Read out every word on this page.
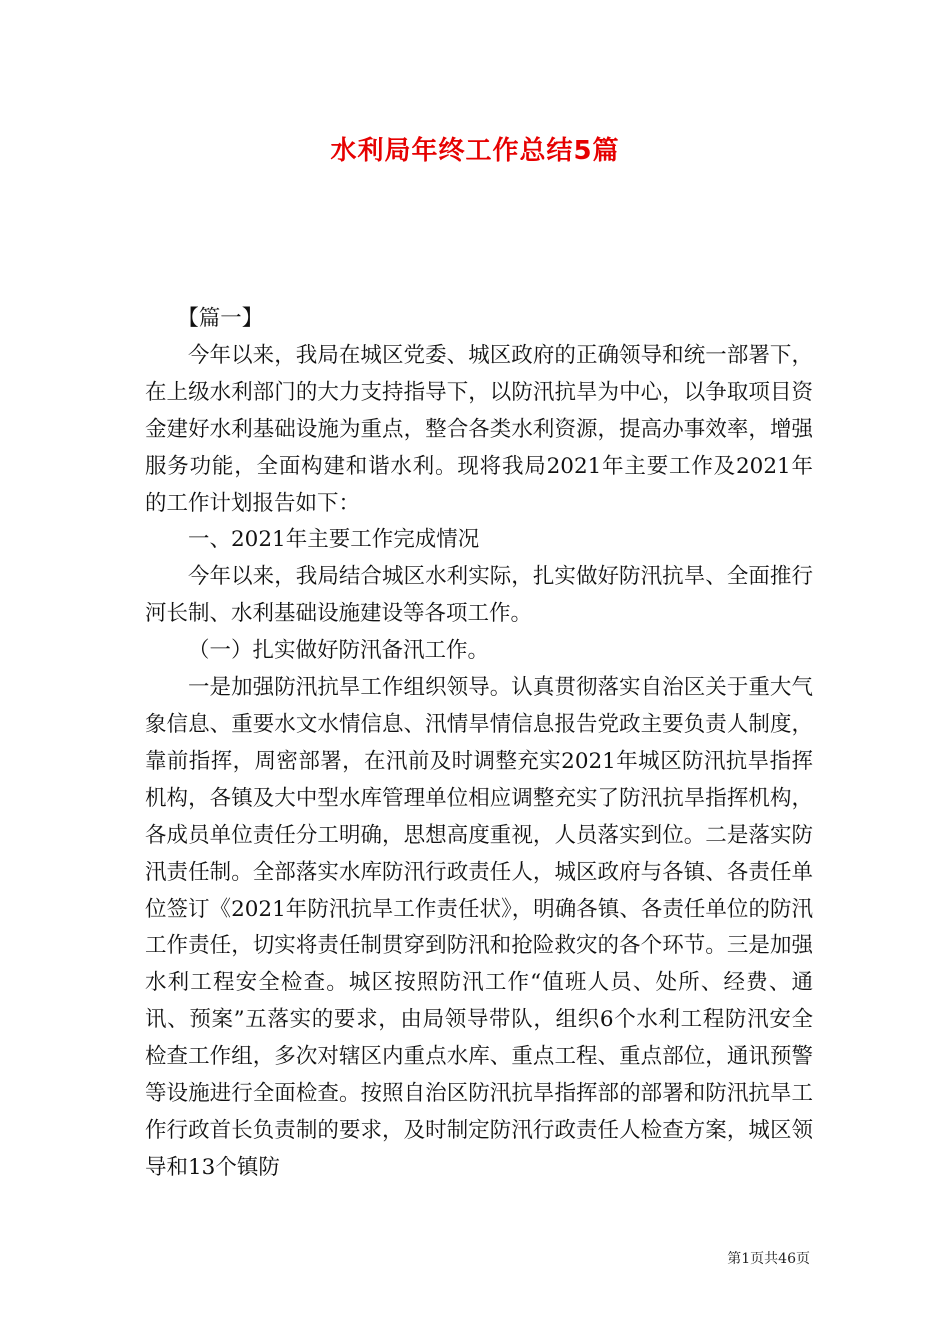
水利局年终工作总结5篇

【篇一】

今年以来，我局在城区党委、城区政府的正确领导和统一部署下，在上级水利部门的大力支持指导下，以防汛抗旱为中心，以争取项目资金建好水利基础设施为重点，整合各类水利资源，提高办事效率，增强服务功能，全面构建和谐水利。现将我局2021年主要工作及2021年的工作计划报告如下：

一、2021年主要工作完成情况

今年以来，我局结合城区水利实际，扎实做好防汛抗旱、全面推行河长制、水利基础设施建设等各项工作。

（一）扎实做好防汛备汛工作。

一是加强防汛抗旱工作组织领导。认真贯彻落实自治区关于重大气象信息、重要水文水情信息、汛情旱情信息报告党政主要负责人制度，靠前指挥，周密部署，在汛前及时调整充实2021年城区防汛抗旱指挥机构，各镇及大中型水库管理单位相应调整充实了防汛抗旱指挥机构，各成员单位责任分工明确，思想高度重视，人员落实到位。二是落实防汛责任制。全部落实水库防汛行政责任人，城区政府与各镇、各责任单位签订《2021年防汛抗旱工作责任状》，明确各镇、各责任单位的防汛工作责任，切实将责任制贯穿到防汛和抢险救灾的各个环节。三是加强水利工程安全检查。城区按照防汛工作“值班人员、处所、经费、通讯、预案”五落实的要求，由局领导带队，组织6个水利工程防汛安全检查工作组，多次对辖区内重点水库、重点工程、重点部位，通讯预警等设施进行全面检查。按照自治区防汛抗旱指挥部的部署和防汛抗旱工作行政首长负责制的要求，及时制定防汛行政责任人检查方案，城区领导和13个镇防

第1页共46页
